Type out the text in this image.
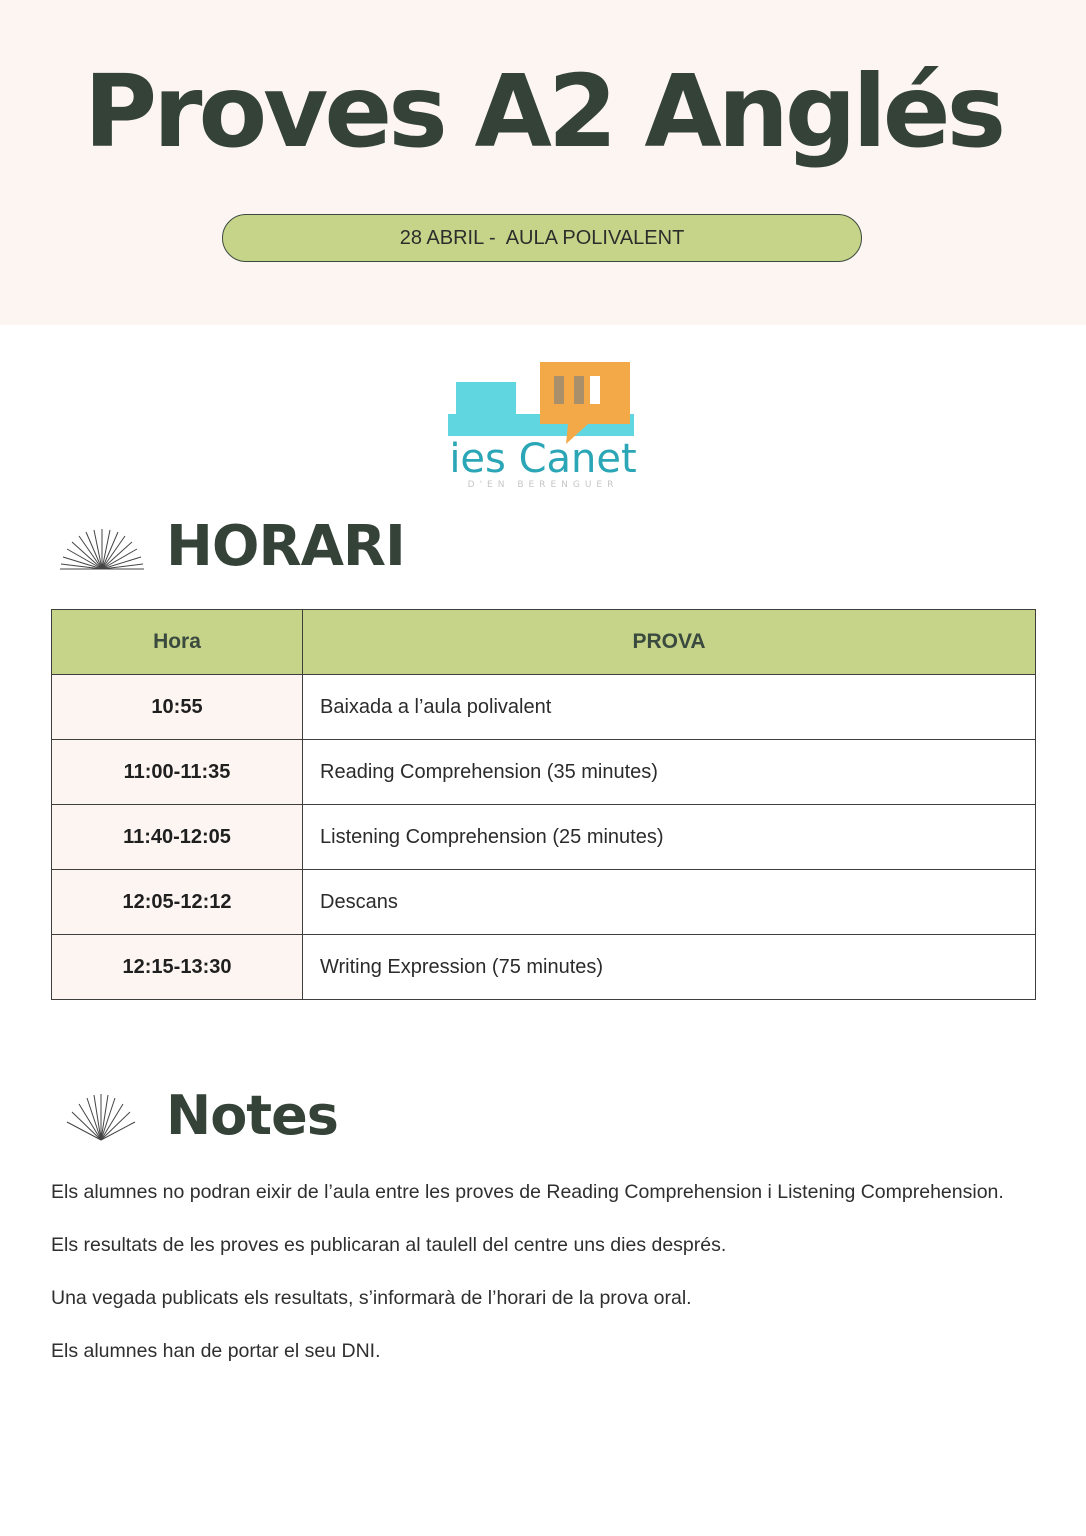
Proves A2 Anglés
28 ABRIL -  AULA POLIVALENT
ies Canet
D'EN BERENGUER
HORARI
Hora	PROVA
10:55	Baixada a l’aula polivalent
11:00-11:35	Reading Comprehension (35 minutes)
11:40-12:05	Listening Comprehension (25 minutes)
12:05-12:12	Descans
12:15-13:30	Writing Expression (75 minutes)
Notes

Els alumnes no podran eixir de l’aula entre les proves de Reading Comprehension i Listening Comprehension.

Els resultats de les proves es publicaran al taulell del centre uns dies després.

Una vegada publicats els resultats, s’informarà de l’horari de la prova oral.

Els alumnes han de portar el seu DNI.
